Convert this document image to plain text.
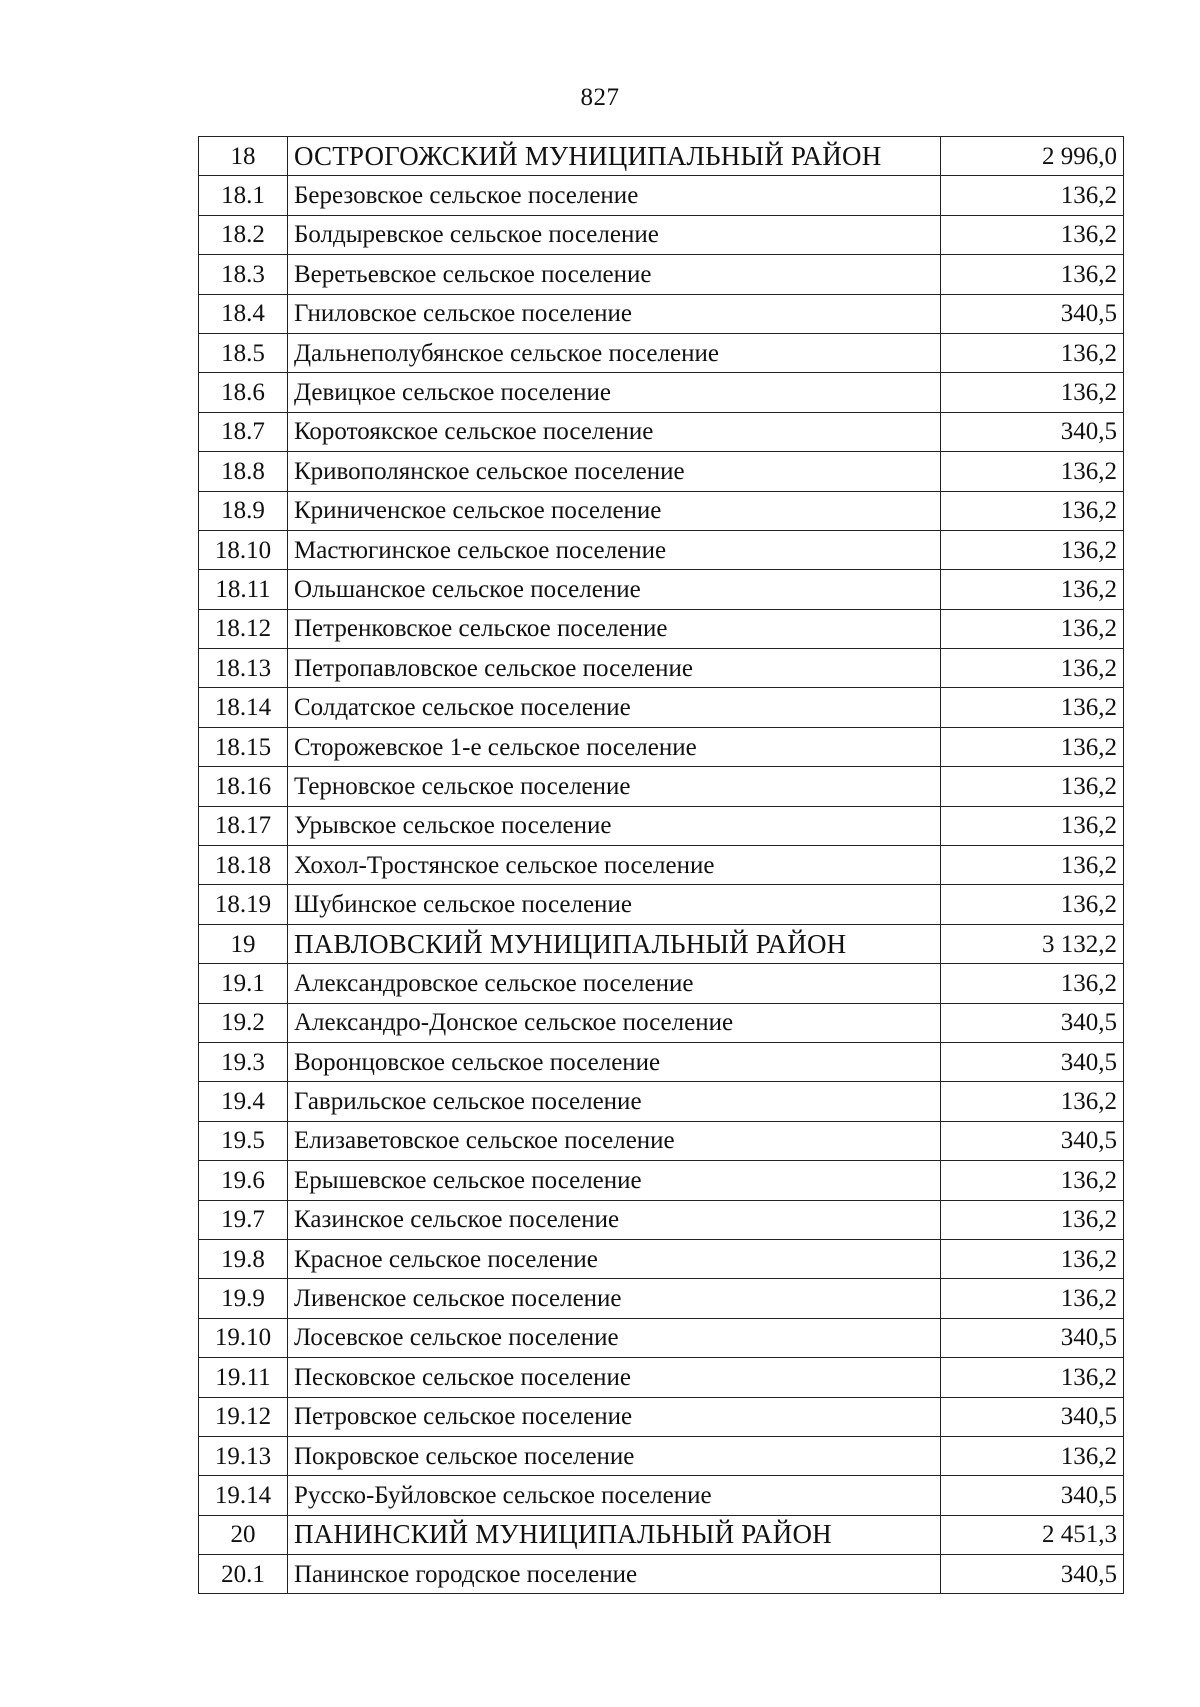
827
18	ОСТРОГОЖСКИЙ МУНИЦИПАЛЬНЫЙ РАЙОН	2 996,0
18.1	Березовское сельское поселение	136,2
18.2	Болдыревское сельское поселение	136,2
18.3	Веретьевское сельское поселение	136,2
18.4	Гниловское сельское поселение	340,5
18.5	Дальнеполубянское сельское поселение	136,2
18.6	Девицкое сельское поселение	136,2
18.7	Коротоякское сельское поселение	340,5
18.8	Кривополянское сельское поселение	136,2
18.9	Криниченское сельское поселение	136,2
18.10	Мастюгинское сельское поселение	136,2
18.11	Ольшанское сельское поселение	136,2
18.12	Петренковское сельское поселение	136,2
18.13	Петропавловское сельское поселение	136,2
18.14	Солдатское сельское поселение	136,2
18.15	Сторожевское 1-е сельское поселение	136,2
18.16	Терновское сельское поселение	136,2
18.17	Урывское сельское поселение	136,2
18.18	Хохол-Тростянское сельское поселение	136,2
18.19	Шубинское сельское поселение	136,2
19	ПАВЛОВСКИЙ МУНИЦИПАЛЬНЫЙ РАЙОН	3 132,2
19.1	Александровское сельское поселение	136,2
19.2	Александро-Донское сельское поселение	340,5
19.3	Воронцовское сельское поселение	340,5
19.4	Гаврильское сельское поселение	136,2
19.5	Елизаветовское сельское поселение	340,5
19.6	Ерышевское сельское поселение	136,2
19.7	Казинское сельское поселение	136,2
19.8	Красное сельское поселение	136,2
19.9	Ливенское сельское поселение	136,2
19.10	Лосевское сельское поселение	340,5
19.11	Песковское сельское поселение	136,2
19.12	Петровское сельское поселение	340,5
19.13	Покровское сельское поселение	136,2
19.14	Русско-Буйловское сельское поселение	340,5
20	ПАНИНСКИЙ МУНИЦИПАЛЬНЫЙ РАЙОН	2 451,3
20.1	Панинское городское поселение	340,5
